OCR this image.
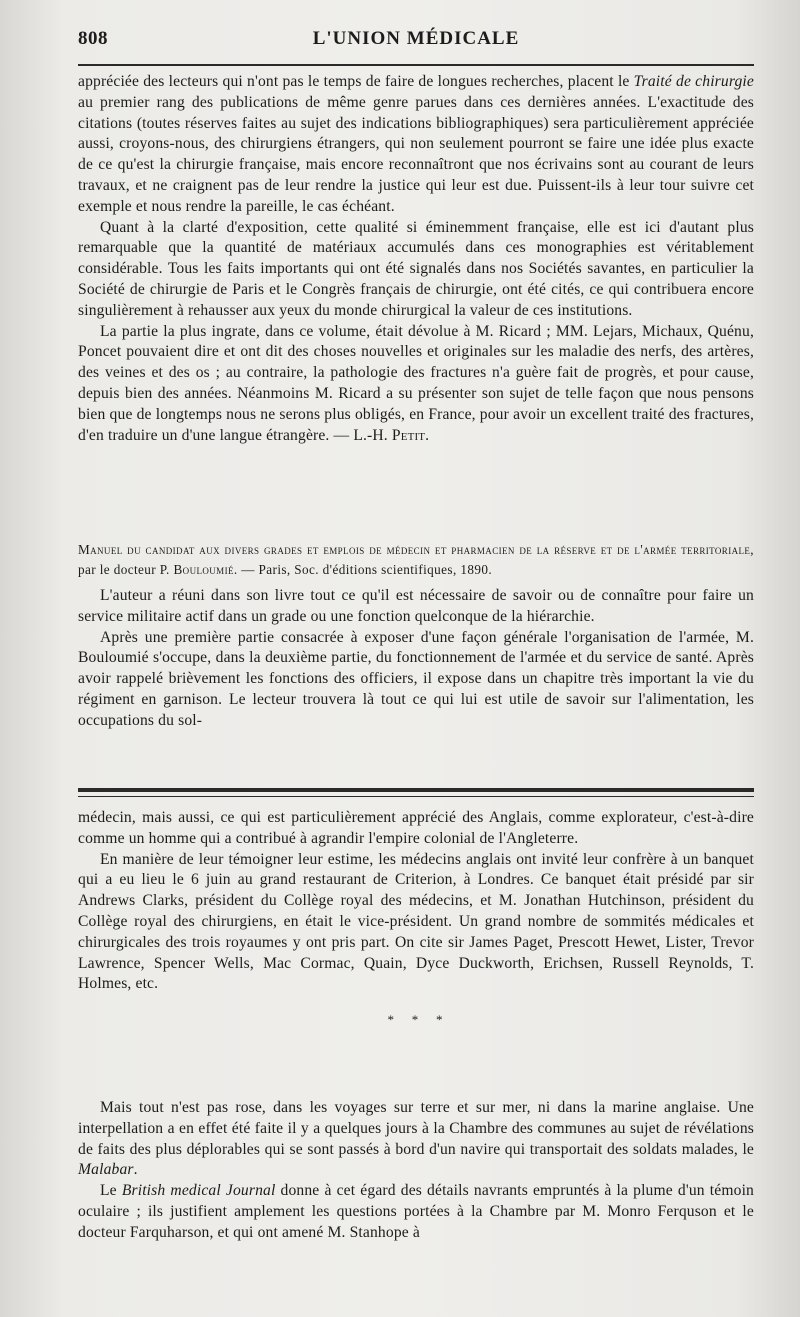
808	L'UNION MÉDICALE

appréciée des lecteurs qui n'ont pas le temps de faire de longues recherches, placent le Traité de chirurgie au premier rang des publications de même genre parues dans ces dernières années. L'exactitude des citations (toutes réserves faites au sujet des indications bibliographiques) sera particulièrement appréciée aussi, croyons-nous, des chirurgiens étrangers, qui non seulement pourront se faire une idée plus exacte de ce qu'est la chirurgie française, mais encore reconnaîtront que nos écrivains sont au courant de leurs travaux, et ne craignent pas de leur rendre la justice qui leur est due. Puissent-ils à leur tour suivre cet exemple et nous rendre la pareille, le cas échéant.

Quant à la clarté d'exposition, cette qualité si éminemment française, elle est ici d'autant plus remarquable que la quantité de matériaux accumulés dans ces monographies est véritablement considérable. Tous les faits importants qui ont été signalés dans nos Sociétés savantes, en particulier la Société de chirurgie de Paris et le Congrès français de chirurgie, ont été cités, ce qui contribuera encore singulièrement à rehausser aux yeux du monde chirurgical la valeur de ces institutions.

La partie la plus ingrate, dans ce volume, était dévolue à M. Ricard ; MM. Lejars, Michaux, Quénu, Poncet pouvaient dire et ont dit des choses nouvelles et originales sur les maladie des nerfs, des artères, des veines et des os ; au contraire, la pathologie des fractures n'a guère fait de progrès, et pour cause, depuis bien des années. Néanmoins M. Ricard a su présenter son sujet de telle façon que nous pensons bien que de longtemps nous ne serons plus obligés, en France, pour avoir un excellent traité des fractures, d'en traduire un d'une langue étrangère. — L.-H. Petit.

Manuel du candidat aux divers grades et emplois de médecin et pharmacien de la réserve et de l'armée territoriale, par le docteur P. Bouloumié. — Paris, Soc. d'éditions scientifiques, 1890.

L'auteur a réuni dans son livre tout ce qu'il est nécessaire de savoir ou de connaître pour faire un service militaire actif dans un grade ou une fonction quelconque de la hiérarchie.

Après une première partie consacrée à exposer d'une façon générale l'organisation de l'armée, M. Bouloumié s'occupe, dans la deuxième partie, du fonctionnement de l'armée et du service de santé. Après avoir rappelé brièvement les fonctions des officiers, il expose dans un chapitre très important la vie du régiment en garnison. Le lecteur trouvera là tout ce qui lui est utile de savoir sur l'alimentation, les occupations du sol-

médecin, mais aussi, ce qui est particulièrement apprécié des Anglais, comme explorateur, c'est-à-dire comme un homme qui a contribué à agrandir l'empire colonial de l'Angleterre.

En manière de leur témoigner leur estime, les médecins anglais ont invité leur confrère à un banquet qui a eu lieu le 6 juin au grand restaurant de Criterion, à Londres. Ce banquet était présidé par sir Andrews Clarks, président du Collège royal des médecins, et M. Jonathan Hutchinson, président du Collège royal des chirurgiens, en était le vice-président. Un grand nombre de sommités médicales et chirurgicales des trois royaumes y ont pris part. On cite sir James Paget, Prescott Hewet, Lister, Trevor Lawrence, Spencer Wells, Mac Cormac, Quain, Dyce Duckworth, Erichsen, Russell Reynolds, T. Holmes, etc.

*   *   *

Mais tout n'est pas rose, dans les voyages sur terre et sur mer, ni dans la marine anglaise. Une interpellation a en effet été faite il y a quelques jours à la Chambre des communes au sujet de révélations de faits des plus déplorables qui se sont passés à bord d'un navire qui transportait des soldats malades, le Malabar.

Le British medical Journal donne à cet égard des détails navrants empruntés à la plume d'un témoin oculaire ; ils justifient amplement les questions portées à la Chambre par M. Monro Ferquson et le docteur Farquharson, et qui ont amené M. Stanhope à
